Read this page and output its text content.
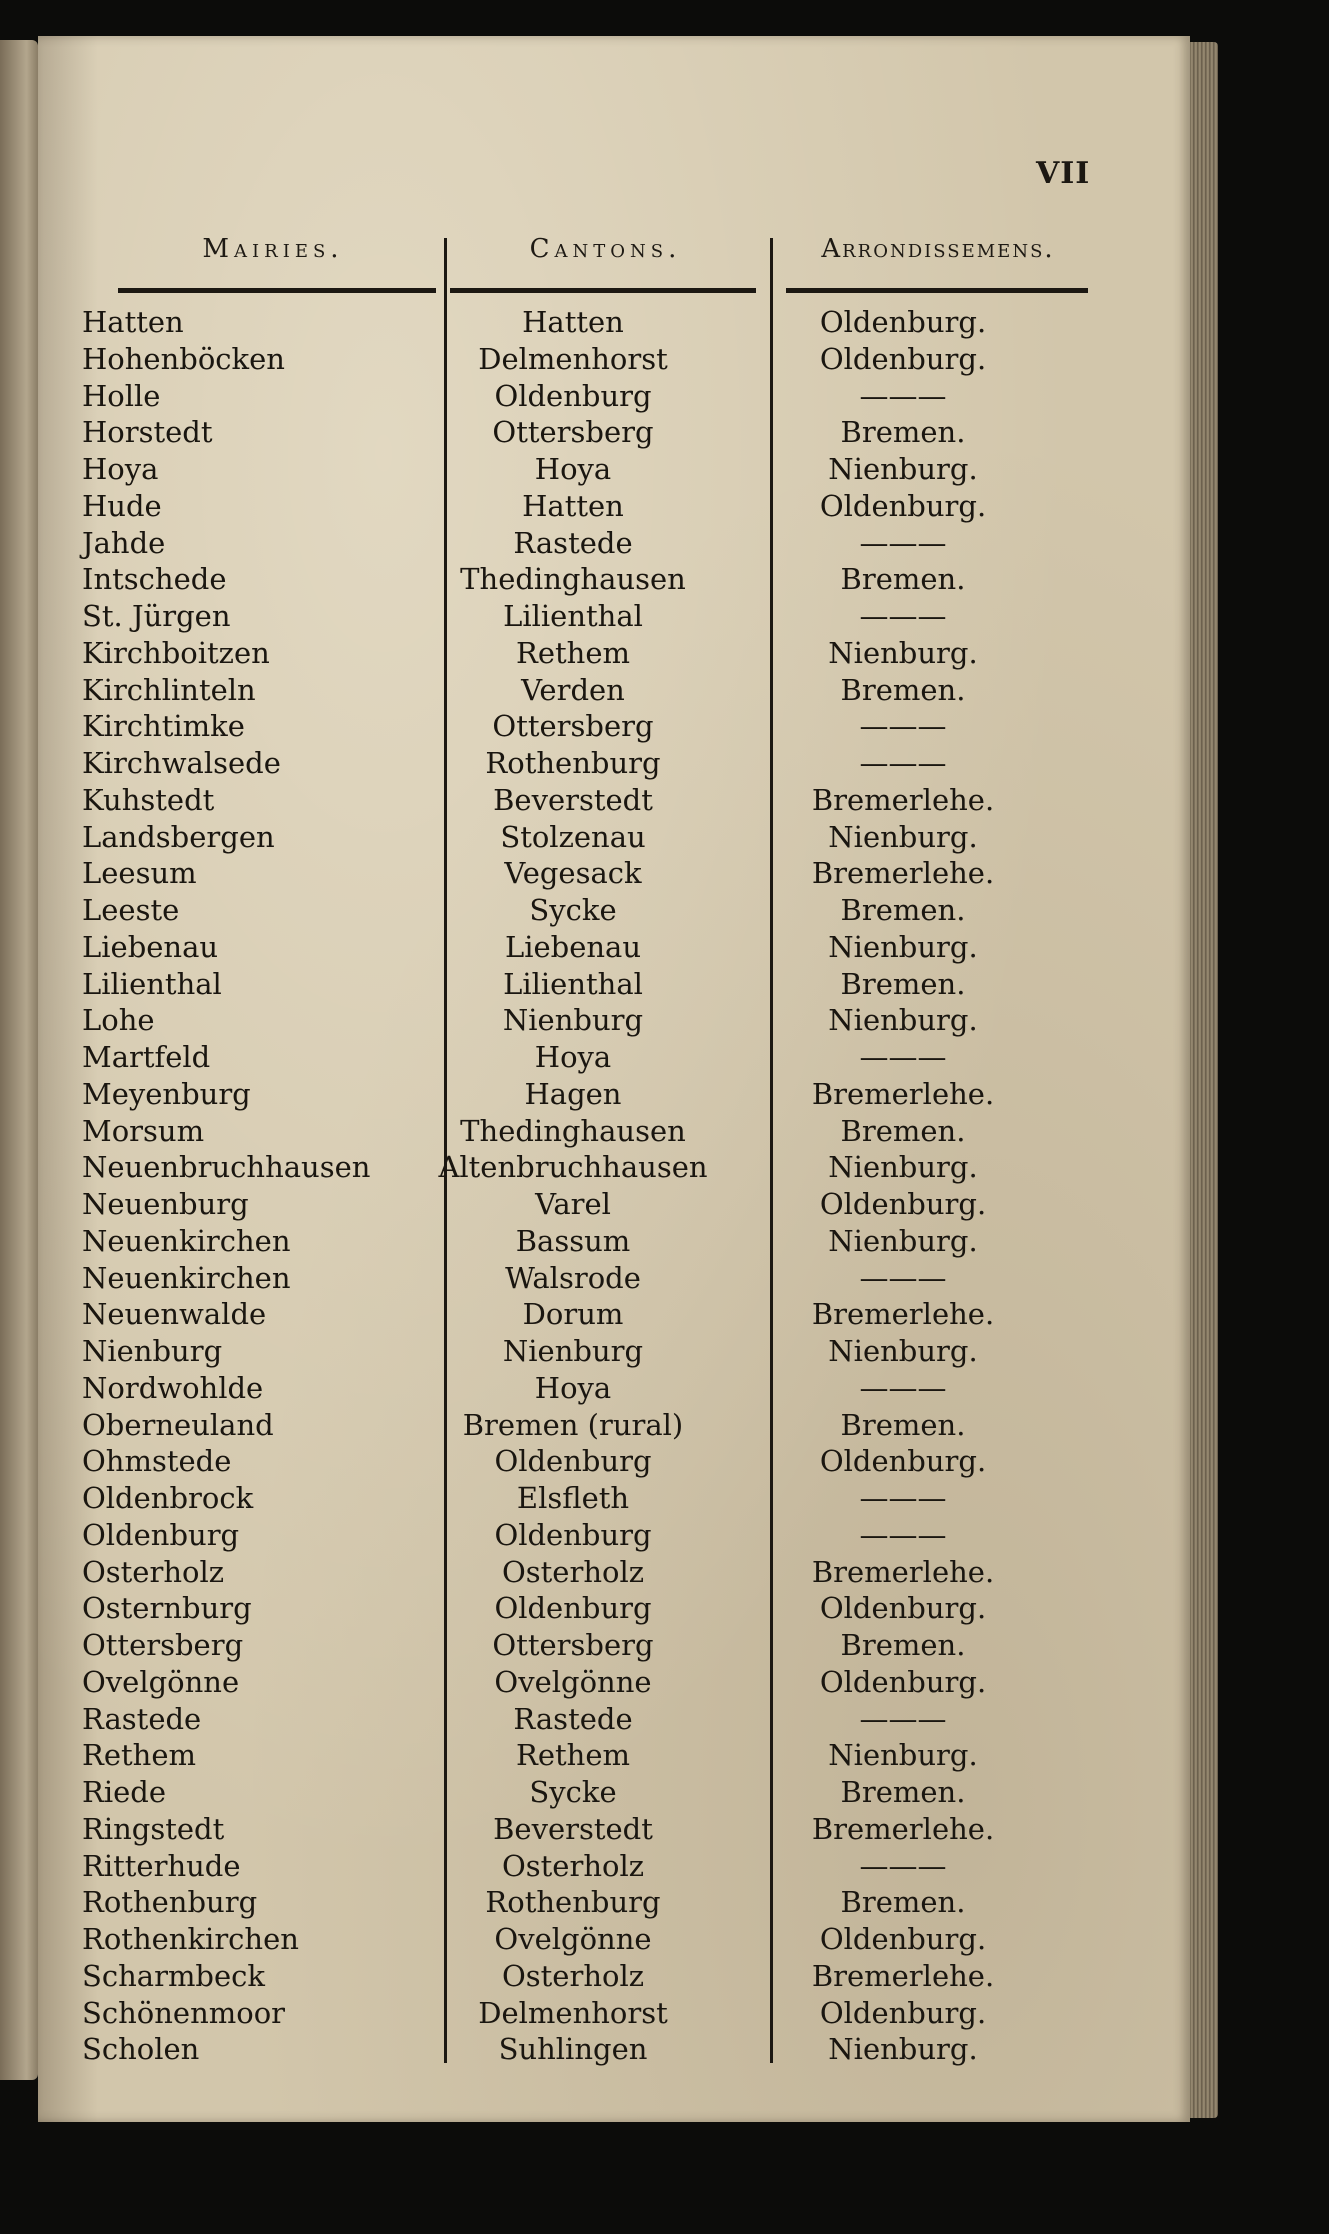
VII
Mairies.	Cantons.	Arrondissemens.
Hatten	Hatten	Oldenburg.
Hohenböcken	Delmenhorst	Oldenburg.
Holle	Oldenburg	———
Horstedt	Ottersberg	Bremen.
Hoya	Hoya	Nienburg.
Hude	Hatten	Oldenburg.
Jahde	Rastede	———
Intschede	Thedinghausen	Bremen.
St. Jürgen	Lilienthal	———
Kirchboitzen	Rethem	Nienburg.
Kirchlinteln	Verden	Bremen.
Kirchtimke	Ottersberg	———
Kirchwalsede	Rothenburg	———
Kuhstedt	Beverstedt	Bremerlehe.
Landsbergen	Stolzenau	Nienburg.
Leesum	Vegesack	Bremerlehe.
Leeste	Sycke	Bremen.
Liebenau	Liebenau	Nienburg.
Lilienthal	Lilienthal	Bremen.
Lohe	Nienburg	Nienburg.
Martfeld	Hoya	———
Meyenburg	Hagen	Bremerlehe.
Morsum	Thedinghausen	Bremen.
Neuenbruchhausen	Altenbruchhausen	Nienburg.
Neuenburg	Varel	Oldenburg.
Neuenkirchen	Bassum	Nienburg.
Neuenkirchen	Walsrode	———
Neuenwalde	Dorum	Bremerlehe.
Nienburg	Nienburg	Nienburg.
Nordwohlde	Hoya	———
Oberneuland	Bremen (rural)	Bremen.
Ohmstede	Oldenburg	Oldenburg.
Oldenbrock	Elsfleth	———
Oldenburg	Oldenburg	———
Osterholz	Osterholz	Bremerlehe.
Osternburg	Oldenburg	Oldenburg.
Ottersberg	Ottersberg	Bremen.
Ovelgönne	Ovelgönne	Oldenburg.
Rastede	Rastede	———
Rethem	Rethem	Nienburg.
Riede	Sycke	Bremen.
Ringstedt	Beverstedt	Bremerlehe.
Ritterhude	Osterholz	———
Rothenburg	Rothenburg	Bremen.
Rothenkirchen	Ovelgönne	Oldenburg.
Scharmbeck	Osterholz	Bremerlehe.
Schönenmoor	Delmenhorst	Oldenburg.
Scholen	Suhlingen	Nienburg.
